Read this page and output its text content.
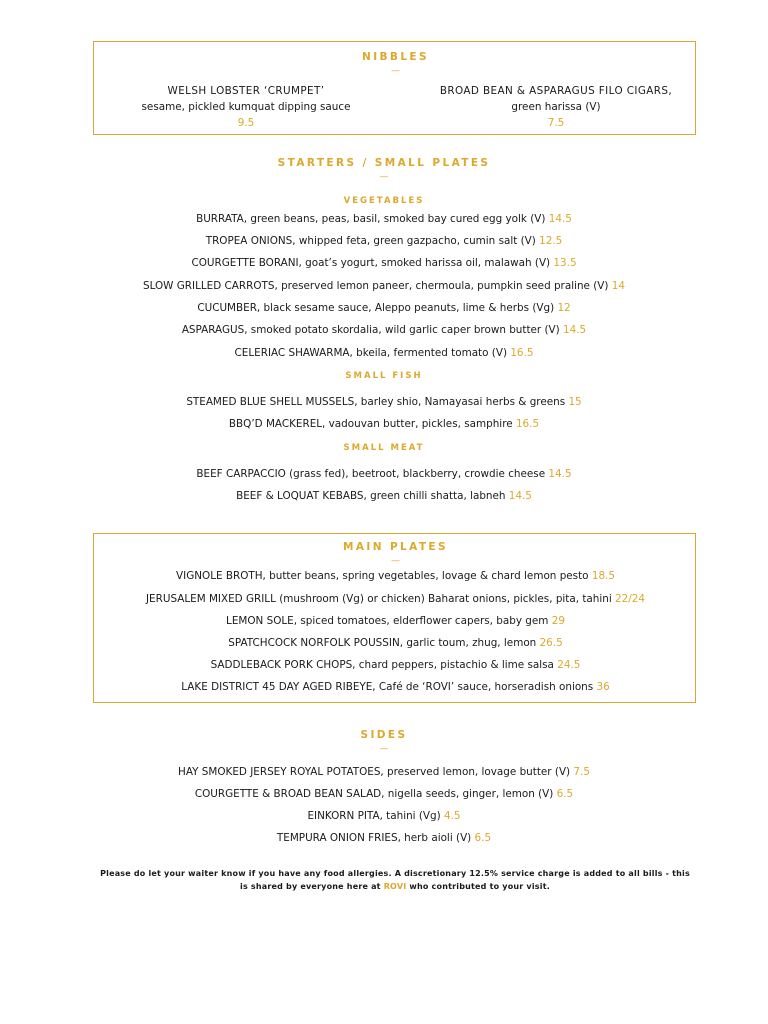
NIBBLES
—
WELSH LOBSTER ‘CRUMPET’
sesame, pickled kumquat dipping sauce
9.5
BROAD BEAN & ASPARAGUS FILO CIGARS,
green harissa (V)
7.5
STARTERS / SMALL PLATES
—
VEGETABLES
BURRATA, green beans, peas, basil, smoked bay cured egg yolk (V) 14.5
TROPEA ONIONS, whipped feta, green gazpacho, cumin salt (V) 12.5
COURGETTE BORANI, goat’s yogurt, smoked harissa oil, malawah (V) 13.5
SLOW GRILLED CARROTS, preserved lemon paneer, chermoula, pumpkin seed praline (V) 14
CUCUMBER, black sesame sauce, Aleppo peanuts, lime & herbs (Vg) 12
ASPARAGUS, smoked potato skordalia, wild garlic caper brown butter (V) 14.5
CELERIAC SHAWARMA, bkeila, fermented tomato (V) 16.5
SMALL FISH
STEAMED BLUE SHELL MUSSELS, barley shio, Namayasai herbs & greens 15
BBQ’D MACKEREL, vadouvan butter, pickles, samphire 16.5
SMALL MEAT
BEEF CARPACCIO (grass fed), beetroot, blackberry, crowdie cheese 14.5
BEEF & LOQUAT KEBABS, green chilli shatta, labneh 14.5
MAIN PLATES
—
VIGNOLE BROTH, butter beans, spring vegetables, lovage & chard lemon pesto 18.5
JERUSALEM MIXED GRILL (mushroom (Vg) or chicken) Baharat onions, pickles, pita, tahini 22/24
LEMON SOLE, spiced tomatoes, elderflower capers, baby gem 29
SPATCHCOCK NORFOLK POUSSIN, garlic toum, zhug, lemon 26.5
SADDLEBACK PORK CHOPS, chard peppers, pistachio & lime salsa 24.5
LAKE DISTRICT 45 DAY AGED RIBEYE, Café de ‘ROVI’ sauce, horseradish onions 36
SIDES
—
HAY SMOKED JERSEY ROYAL POTATOES, preserved lemon, lovage butter (V) 7.5
COURGETTE & BROAD BEAN SALAD, nigella seeds, ginger, lemon (V) 6.5
EINKORN PITA, tahini (Vg) 4.5
TEMPURA ONION FRIES, herb aioli (V) 6.5
Please do let your waiter know if you have any food allergies. A discretionary 12.5% service charge is added to all bills - this
is shared by everyone here at ROVI who contributed to your visit.
